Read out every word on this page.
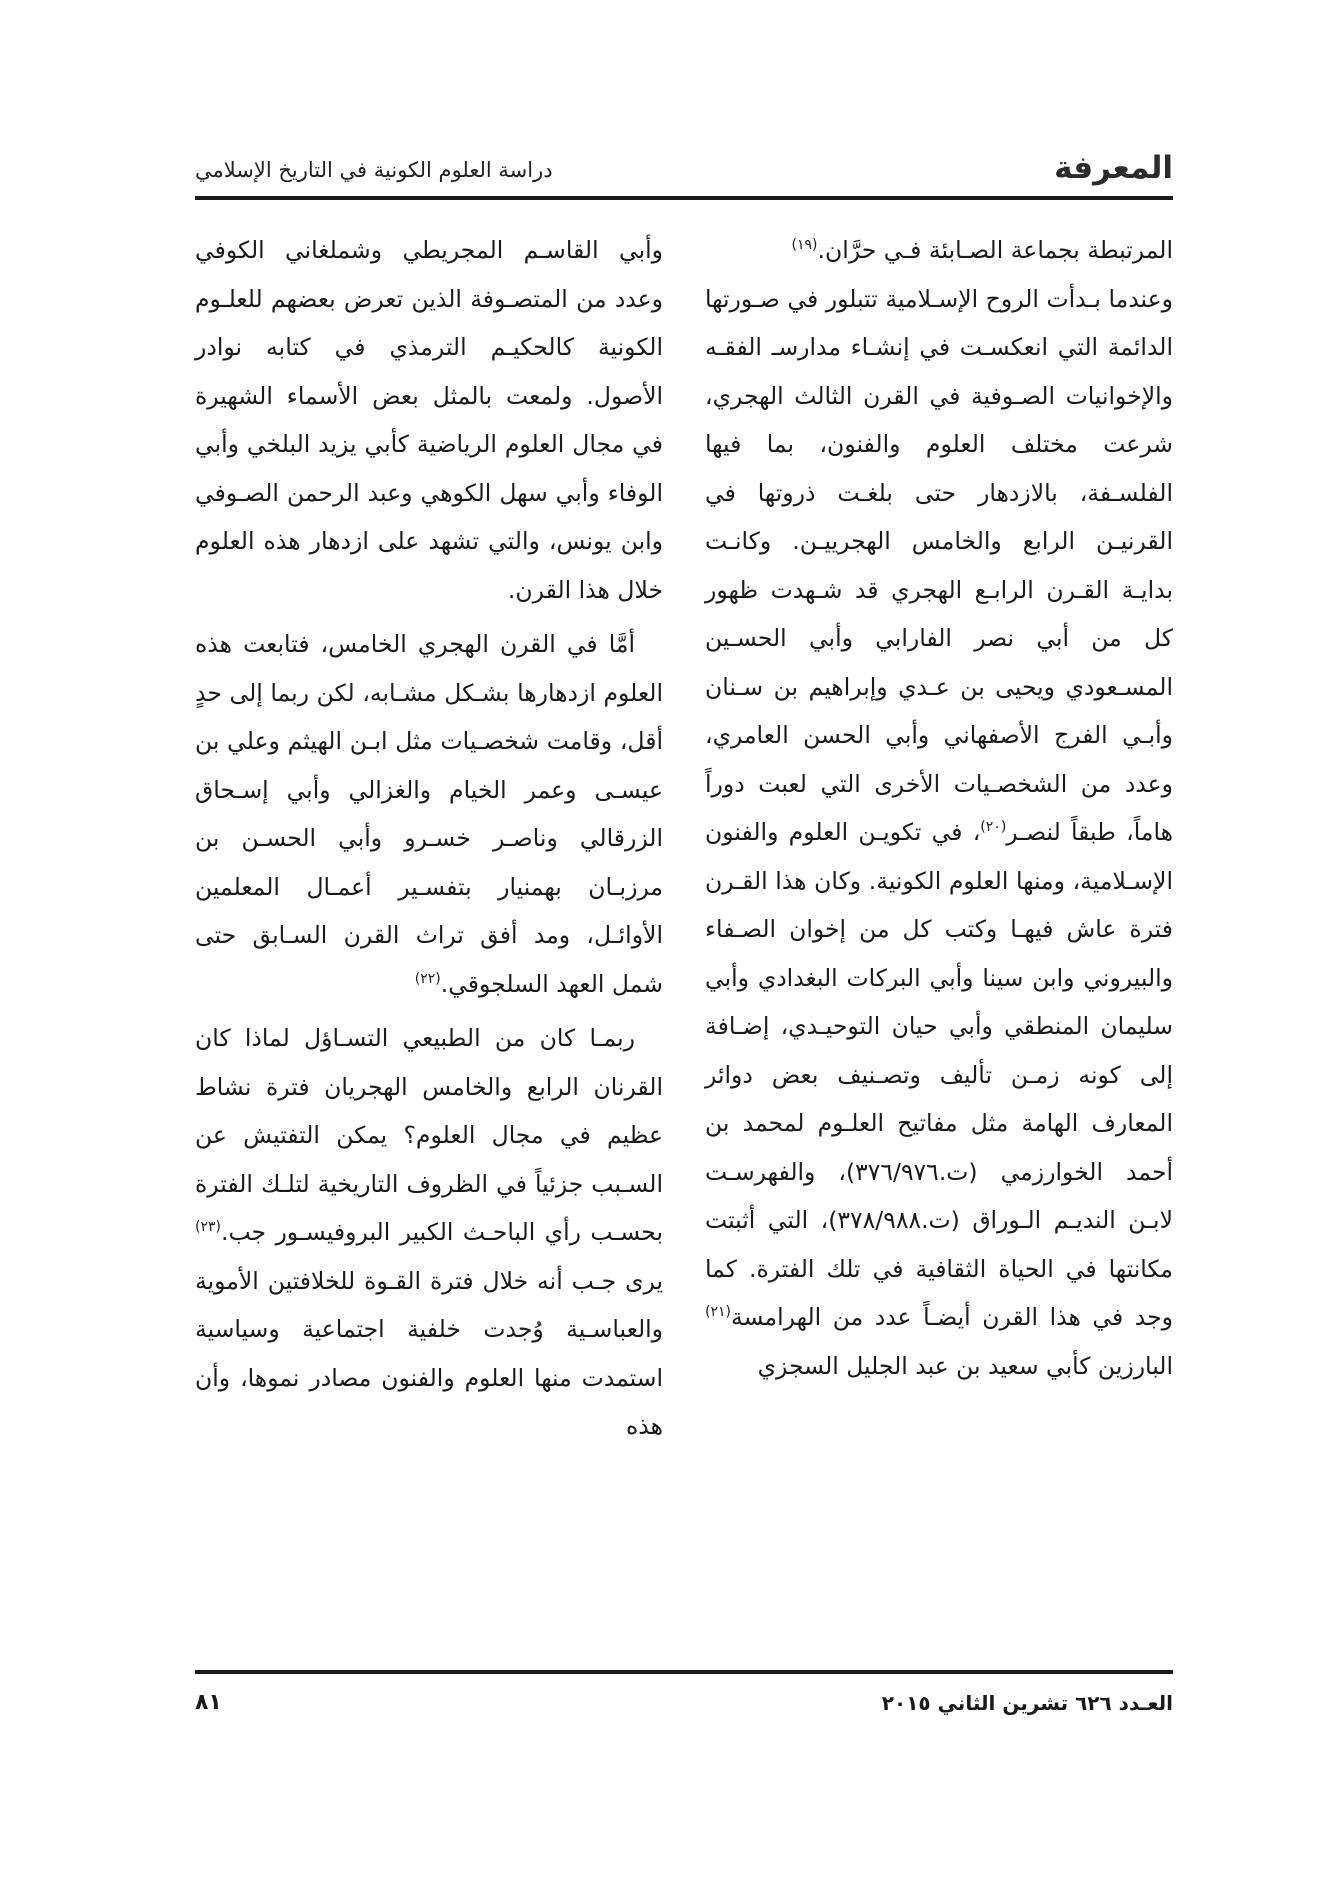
المعرفة
دراسة العلوم الكونية في التاريخ الإسلامي

المرتبطة بجماعة الصـابئة فـي حرَّان.$^{(١٩)}$

وعندما بـدأت الروح الإسـلامية تتبلور في صـورتها الدائمة التي انعكسـت في إنشـاء مدارسـ الفقـه والإخوانيات الصـوفية في القرن الثالث الهجري، شرعت مختلف العلوم والفنون، بما فيها الفلسـفة، بالازدهار حتى بلغـت ذروتها في القرنيـن الرابع والخامس الهجرييـن. وكانـت بدايـة القـرن الرابـع الهجري قد شـهدت ظهور كل من أبي نصر الفارابي وأبي الحسـين المسـعودي ويحيى بن عـدي وإبراهيم بن سـنان وأبـي الفرج الأصفهاني وأبي الحسن العامري، وعدد من الشخصـيات الأخرى التي لعبت دوراً هاماً، طبقاً لنصـر$^{(٢٠)}$، في تكويـن العلوم والفنون الإسـلامية، ومنها العلوم الكونية. وكان هذا القـرن فترة عاش فيهـا وكتب كل من إخوان الصـفاء والبيروني وابن سينا وأبي البركات البغدادي وأبي سليمان المنطقي وأبي حيان التوحيـدي، إضـافة إلى كونه زمـن تأليف وتصـنيف بعض دوائر المعارف الهامة مثل مفاتيح العلـوم لمحمد بن أحمد الخوارزمي (ت.٣٧٦/٩٧٦)، والفهرسـت لابـن النديـم الـوراق (ت.٣٧٨/٩٨٨)، التي أثبتت مكانتها في الحياة الثقافية في تلك الفترة. كما وجد في هذا القرن أيضـاً عدد من الهرامسة$^{(٢١)}$ البارزين كأبي سعيد بن عبد الجليل السجزي

وأبي القاسـم المجريطي وشملغاني الكوفي وعدد من المتصـوفة الذين تعرض بعضهم للعلـوم الكونية كالحكيـم الترمذي في كتابه نوادر الأصول. ولمعت بالمثل بعض الأسماء الشهيرة في مجال العلوم الرياضية كأبي يزيد البلخي وأبي الوفاء وأبي سهل الكوهي وعبد الرحمن الصـوفي وابن يونس، والتي تشهد على ازدهار هذه العلوم خلال هذا القرن.

أمَّا في القرن الهجري الخامس، فتابعت هذه العلوم ازدهارها بشـكل مشـابه، لكن ربما إلى حدٍ أقل، وقامت شخصـيات مثل ابـن الهيثم وعلي بن عيسـى وعمر الخيام والغزالي وأبي إسـحاق الزرقالي وناصـر خسـرو وأبي الحسـن بن مرزبـان بهمنيار بتفسـير أعمـال المعلمين الأوائـل، ومد أفق تراث القرن السـابق حتى شمل العهد السلجوقي.$^{(٢٢)}$

ربمـا كان من الطبيعي التسـاؤل لماذا كان القرنان الرابع والخامس الهجريان فترة نشاط عظيم في مجال العلوم؟ يمكن التفتيش عن السـبب جزئياً في الظروف التاريخية لتلـك الفترة بحسـب رأي الباحـث الكبير البروفيسـور جب.$^{(٢٣)}$ يرى جـب أنه خلال فترة القـوة للخلافتين الأموية والعباسـية وُجدت خلفية اجتماعية وسياسية استمدت منها العلوم والفنون مصادر نموها، وأن هذه

العـدد ٦٢٦ تشرين الثاني ٢٠١٥
٨١
